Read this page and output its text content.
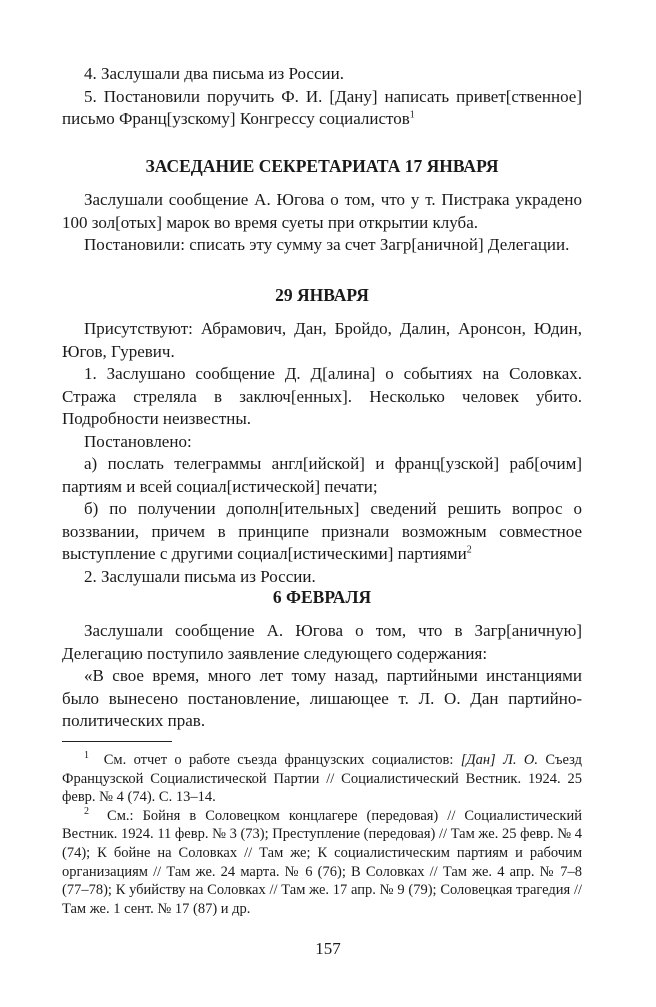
4. Заслушали два письма из России.

5. Постановили поручить Ф. И. [Дану] написать привет[ственное] письмо Франц[узскому] Конгрессу социалистов$^1$

ЗАСЕДАНИЕ СЕКРЕТАРИАТА 17 ЯНВАРЯ

Заслушали сообщение А. Югова о том, что у т. Пистрака украдено 100 зол[отых] марок во время суеты при открытии клуба.

Постановили: списать эту сумму за счет Загр[аничной] Делегации.

29 ЯНВАРЯ

Присутствуют: Абрамович, Дан, Бройдо, Далин, Аронсон, Юдин, Югов, Гуревич.

1. Заслушано сообщение Д. Д[алина] о событиях на Соловках. Стража стреляла в заключ[енных]. Несколько человек убито. Подробности неизвестны.

Постановлено:

а) послать телеграммы англ[ийской] и франц[узской] раб[очим] партиям и всей социал[истической] печати;

б) по получении дополн[ительных] сведений решить вопрос о воззвании, причем в принципе признали возможным совместное выступление с другими социал[истическими] партиями$^2$

2. Заслушали письма из России.

6 ФЕВРАЛЯ

Заслушали сообщение А. Югова о том, что в Загр[аничную] Делегацию поступило заявление следующего содержания:

«В свое время, много лет тому назад, партийными инстанциями было вынесено постановление, лишающее т. Л. О. Дан партийно-политических прав.

$^1$ См. отчет о работе съезда французских социалистов: [Дан] Л. О. Съезд Французской Социалистической Партии // Социалистический Вестник. 1924. 25 февр. № 4 (74). С. 13–14.

$^2$ См.: Бойня в Соловецком концлагере (передовая) // Социалистический Вестник. 1924. 11 февр. № 3 (73); Преступление (передовая) // Там же. 25 февр. № 4 (74); К бойне на Соловках // Там же; К социалистическим партиям и рабочим организациям // Там же. 24 марта. № 6 (76); В Соловках // Там же. 4 апр. № 7–8 (77–78); К убийству на Соловках // Там же. 17 апр. № 9 (79); Соловецкая трагедия // Там же. 1 сент. № 17 (87) и др.

157
